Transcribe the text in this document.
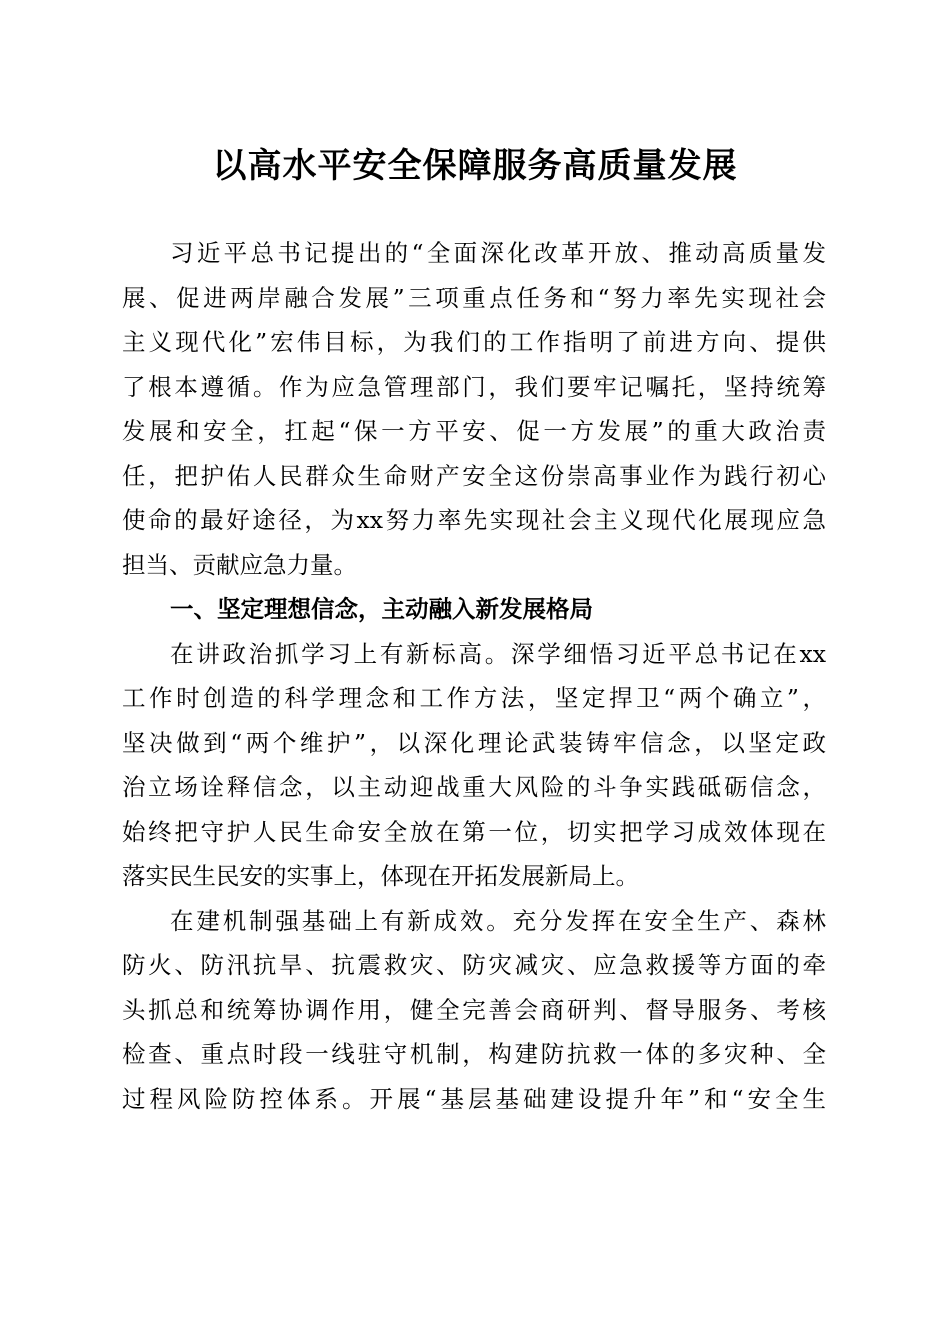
以高水平安全保障服务高质量发展
习近平总书记提出的“全面深化改革开放、推动高质量发
展、促进两岸融合发展”三项重点任务和“努力率先实现社会
主义现代化”宏伟目标，为我们的工作指明了前进方向、提供
了根本遵循。作为应急管理部门，我们要牢记嘱托，坚持统筹
发展和安全，扛起“保一方平安、促一方发展”的重大政治责
任，把护佑人民群众生命财产安全这份崇高事业作为践行初心
使命的最好途径，为xx努力率先实现社会主义现代化展现应急
担当、贡献应急力量。
一、坚定理想信念，主动融入新发展格局
在讲政治抓学习上有新标高。深学细悟习近平总书记在xx
工作时创造的科学理念和工作方法，坚定捍卫“两个确立”，
坚决做到“两个维护”，以深化理论武装铸牢信念，以坚定政
治立场诠释信念，以主动迎战重大风险的斗争实践砥砺信念，
始终把守护人民生命安全放在第一位，切实把学习成效体现在
落实民生民安的实事上，体现在开拓发展新局上。
在建机制强基础上有新成效。充分发挥在安全生产、森林
防火、防汛抗旱、抗震救灾、防灾减灾、应急救援等方面的牵
头抓总和统筹协调作用，健全完善会商研判、督导服务、考核
检查、重点时段一线驻守机制，构建防抗救一体的多灾种、全
过程风险防控体系。开展“基层基础建设提升年”和“安全生
